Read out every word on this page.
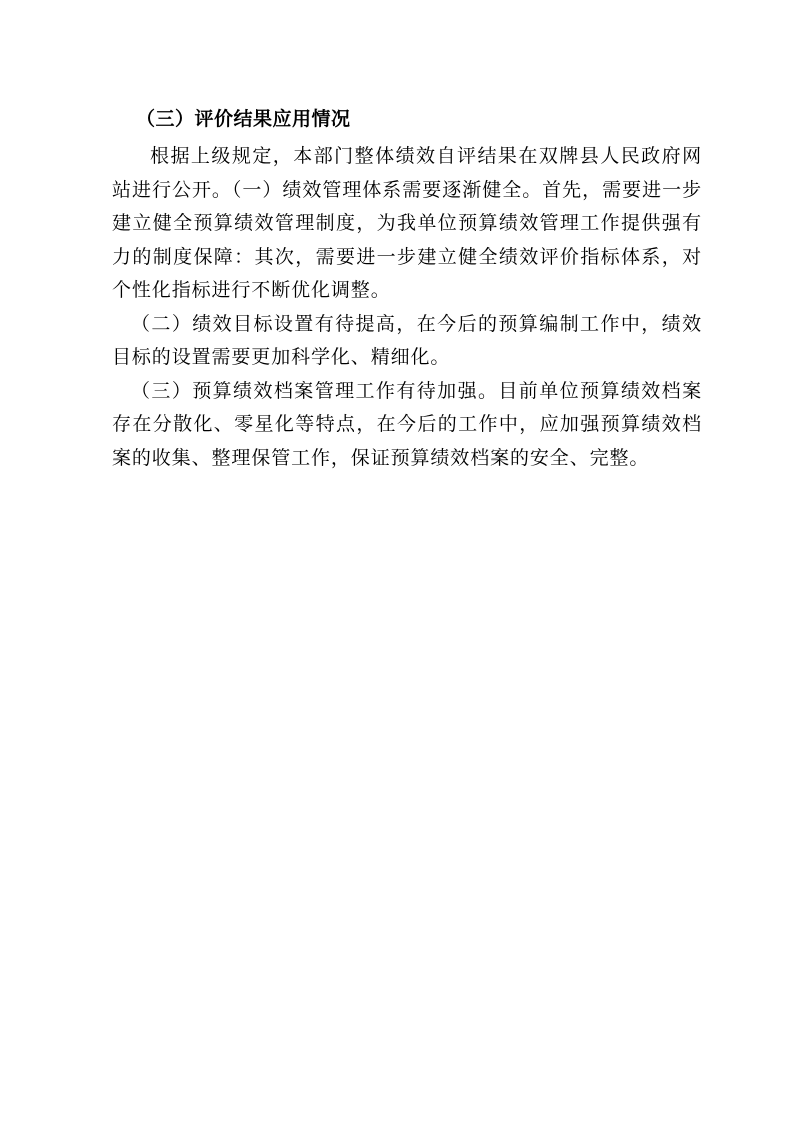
（三）评价结果应用情况

根据上级规定，本部门整体绩效自评结果在双牌县人民政府网站进行公开。（一）绩效管理体系需要逐渐健全。首先，需要进一步建立健全预算绩效管理制度，为我单位预算绩效管理工作提供强有力的制度保障：其次，需要进一步建立健全绩效评价指标体系，对个性化指标进行不断优化调整。

（二）绩效目标设置有待提高，在今后的预算编制工作中，绩效目标的设置需要更加科学化、精细化。

（三）预算绩效档案管理工作有待加强。目前单位预算绩效档案存在分散化、零星化等特点，在今后的工作中，应加强预算绩效档案的收集、整理保管工作，保证预算绩效档案的安全、完整。
